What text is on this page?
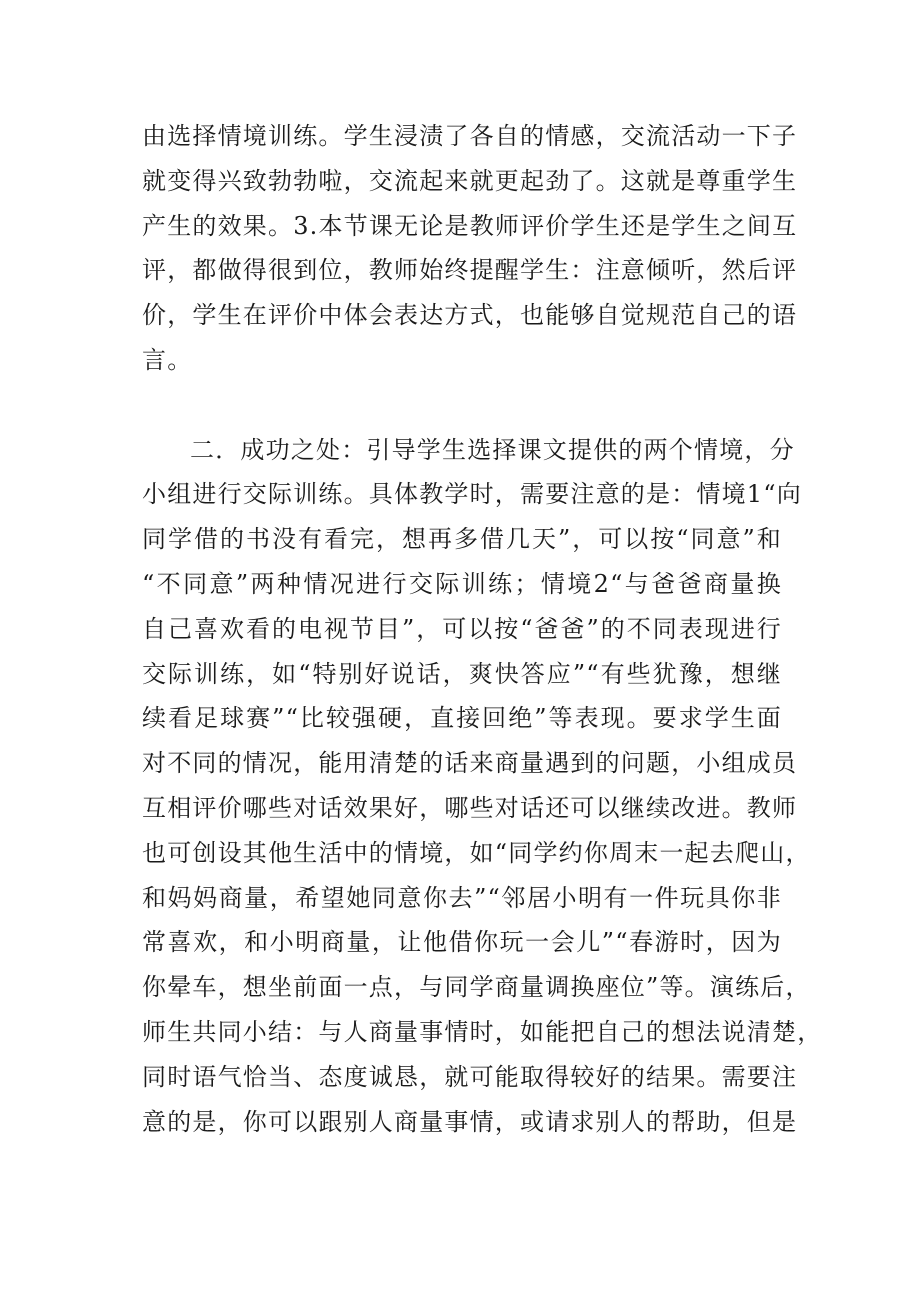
由选择情境训练。学生浸渍了各自的情感，交流活动一下子
就变得兴致勃勃啦，交流起来就更起劲了。这就是尊重学生
产生的效果。3.本节课无论是教师评价学生还是学生之间互
评，都做得很到位，教师始终提醒学生：注意倾听，然后评
价，学生在评价中体会表达方式，也能够自觉规范自己的语
言。
二．成功之处：引导学生选择课文提供的两个情境，分
小组进行交际训练。具体教学时，需要注意的是：情境1“向
同学借的书没有看完，想再多借几天”，可以按“同意”和
“不同意”两种情况进行交际训练；情境2“与爸爸商量换
自己喜欢看的电视节目”，可以按“爸爸”的不同表现进行
交际训练，如“特别好说话，爽快答应”“有些犹豫，想继
续看足球赛”“比较强硬，直接回绝”等表现。要求学生面
对不同的情况，能用清楚的话来商量遇到的问题，小组成员
互相评价哪些对话效果好，哪些对话还可以继续改进。教师
也可创设其他生活中的情境，如“同学约你周末一起去爬山，
和妈妈商量，希望她同意你去”“邻居小明有一件玩具你非
常喜欢，和小明商量，让他借你玩一会儿”“春游时，因为
你晕车，想坐前面一点，与同学商量调换座位”等。演练后，
师生共同小结：与人商量事情时，如能把自己的想法说清楚，
同时语气恰当、态度诚恳，就可能取得较好的结果。需要注
意的是，你可以跟别人商量事情，或请求别人的帮助，但是
